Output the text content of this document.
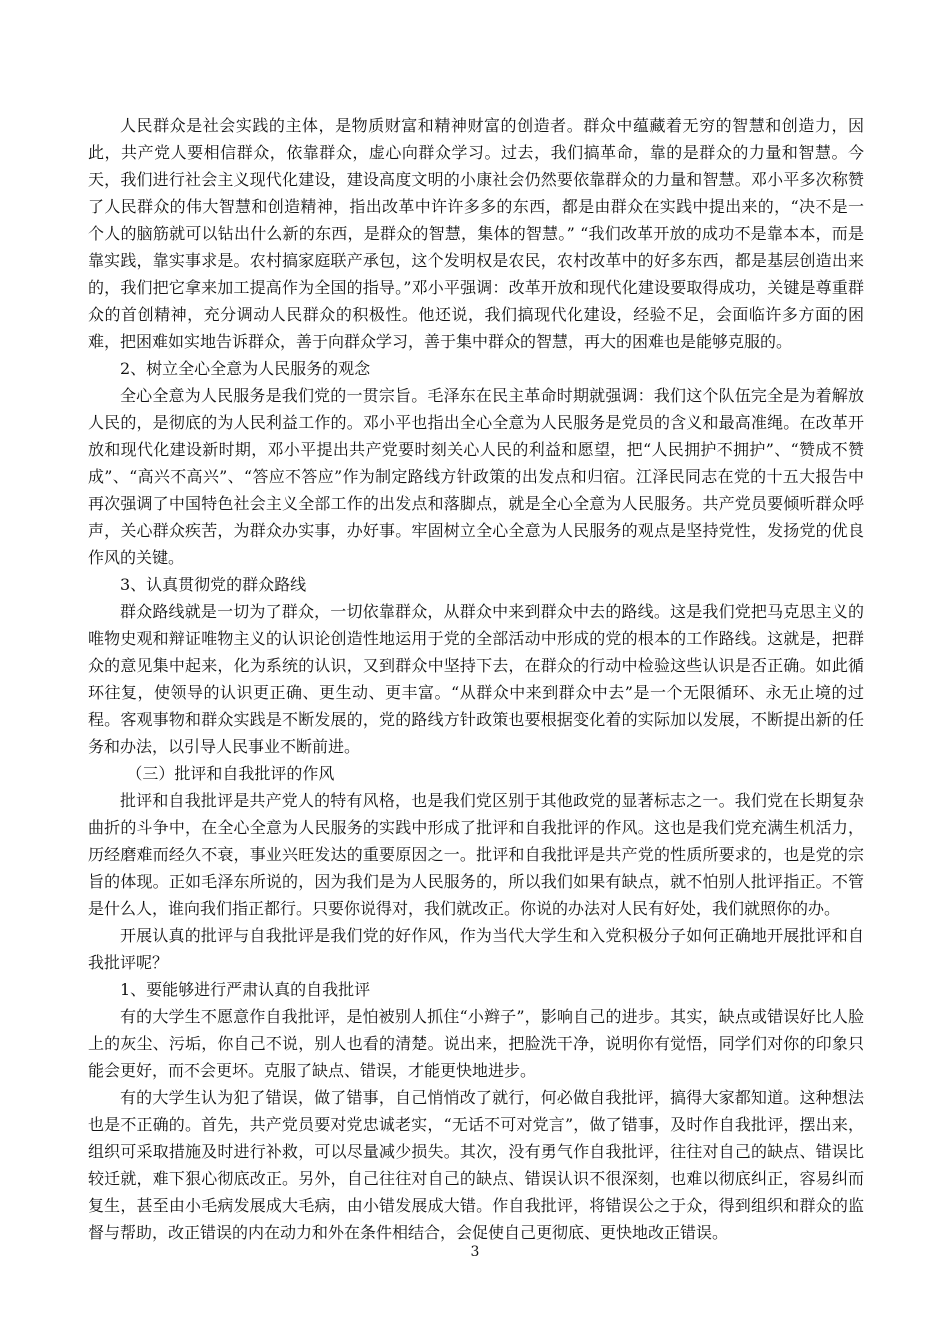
人民群众是社会实践的主体，是物质财富和精神财富的创造者。群众中蕴藏着无穷的智慧和创造力，因此，共产党人要相信群众，依靠群众，虚心向群众学习。过去，我们搞革命，靠的是群众的力量和智慧。今天，我们进行社会主义现代化建设，建设高度文明的小康社会仍然要依靠群众的力量和智慧。邓小平多次称赞了人民群众的伟大智慧和创造精神，指出改革中许许多多的东西，都是由群众在实践中提出来的，“决不是一个人的脑筋就可以钻出什么新的东西，是群众的智慧，集体的智慧。” “我们改革开放的成功不是靠本本，而是靠实践，靠实事求是。农村搞家庭联产承包，这个发明权是农民，农村改革中的好多东西，都是基层创造出来的，我们把它拿来加工提高作为全国的指导。”邓小平强调：改革开放和现代化建设要取得成功，关键是尊重群众的首创精神，充分调动人民群众的积极性。他还说，我们搞现代化建设，经验不足，会面临许多方面的困难，把困难如实地告诉群众，善于向群众学习，善于集中群众的智慧，再大的困难也是能够克服的。

2、树立全心全意为人民服务的观念

全心全意为人民服务是我们党的一贯宗旨。毛泽东在民主革命时期就强调：我们这个队伍完全是为着解放人民的，是彻底的为人民利益工作的。邓小平也指出全心全意为人民服务是党员的含义和最高准绳。在改革开放和现代化建设新时期，邓小平提出共产党要时刻关心人民的利益和愿望，把“人民拥护不拥护”、“赞成不赞成”、“高兴不高兴”、“答应不答应”作为制定路线方针政策的出发点和归宿。江泽民同志在党的十五大报告中再次强调了中国特色社会主义全部工作的出发点和落脚点，就是全心全意为人民服务。共产党员要倾听群众呼声，关心群众疾苦，为群众办实事，办好事。牢固树立全心全意为人民服务的观点是坚持党性，发扬党的优良作风的关键。

3、认真贯彻党的群众路线

群众路线就是一切为了群众，一切依靠群众，从群众中来到群众中去的路线。这是我们党把马克思主义的唯物史观和辩证唯物主义的认识论创造性地运用于党的全部活动中形成的党的根本的工作路线。这就是，把群众的意见集中起来，化为系统的认识，又到群众中坚持下去，在群众的行动中检验这些认识是否正确。如此循环往复，使领导的认识更正确、更生动、更丰富。“从群众中来到群众中去”是一个无限循环、永无止境的过程。客观事物和群众实践是不断发展的，党的路线方针政策也要根据变化着的实际加以发展，不断提出新的任务和办法，以引导人民事业不断前进。

（三）批评和自我批评的作风

批评和自我批评是共产党人的特有风格，也是我们党区别于其他政党的显著标志之一。我们党在长期复杂曲折的斗争中，在全心全意为人民服务的实践中形成了批评和自我批评的作风。这也是我们党充满生机活力，历经磨难而经久不衰，事业兴旺发达的重要原因之一。批评和自我批评是共产党的性质所要求的，也是党的宗旨的体现。正如毛泽东所说的，因为我们是为人民服务的，所以我们如果有缺点，就不怕别人批评指正。不管是什么人，谁向我们指正都行。只要你说得对，我们就改正。你说的办法对人民有好处，我们就照你的办。

开展认真的批评与自我批评是我们党的好作风，作为当代大学生和入党积极分子如何正确地开展批评和自我批评呢？

1、要能够进行严肃认真的自我批评

有的大学生不愿意作自我批评，是怕被别人抓住“小辫子”，影响自己的进步。其实，缺点或错误好比人脸上的灰尘、污垢，你自己不说，别人也看的清楚。说出来，把脸洗干净，说明你有觉悟，同学们对你的印象只能会更好，而不会更坏。克服了缺点、错误，才能更快地进步。

有的大学生认为犯了错误，做了错事，自己悄悄改了就行，何必做自我批评，搞得大家都知道。这种想法也是不正确的。首先，共产党员要对党忠诚老实，“无话不可对党言”，做了错事，及时作自我批评，摆出来，组织可采取措施及时进行补救，可以尽量减少损失。其次，没有勇气作自我批评，往往对自己的缺点、错误比较迁就，难下狠心彻底改正。另外，自己往往对自己的缺点、错误认识不很深刻，也难以彻底纠正，容易纠而复生，甚至由小毛病发展成大毛病，由小错发展成大错。作自我批评，将错误公之于众，得到组织和群众的监督与帮助，改正错误的内在动力和外在条件相结合，会促使自己更彻底、更快地改正错误。

3
